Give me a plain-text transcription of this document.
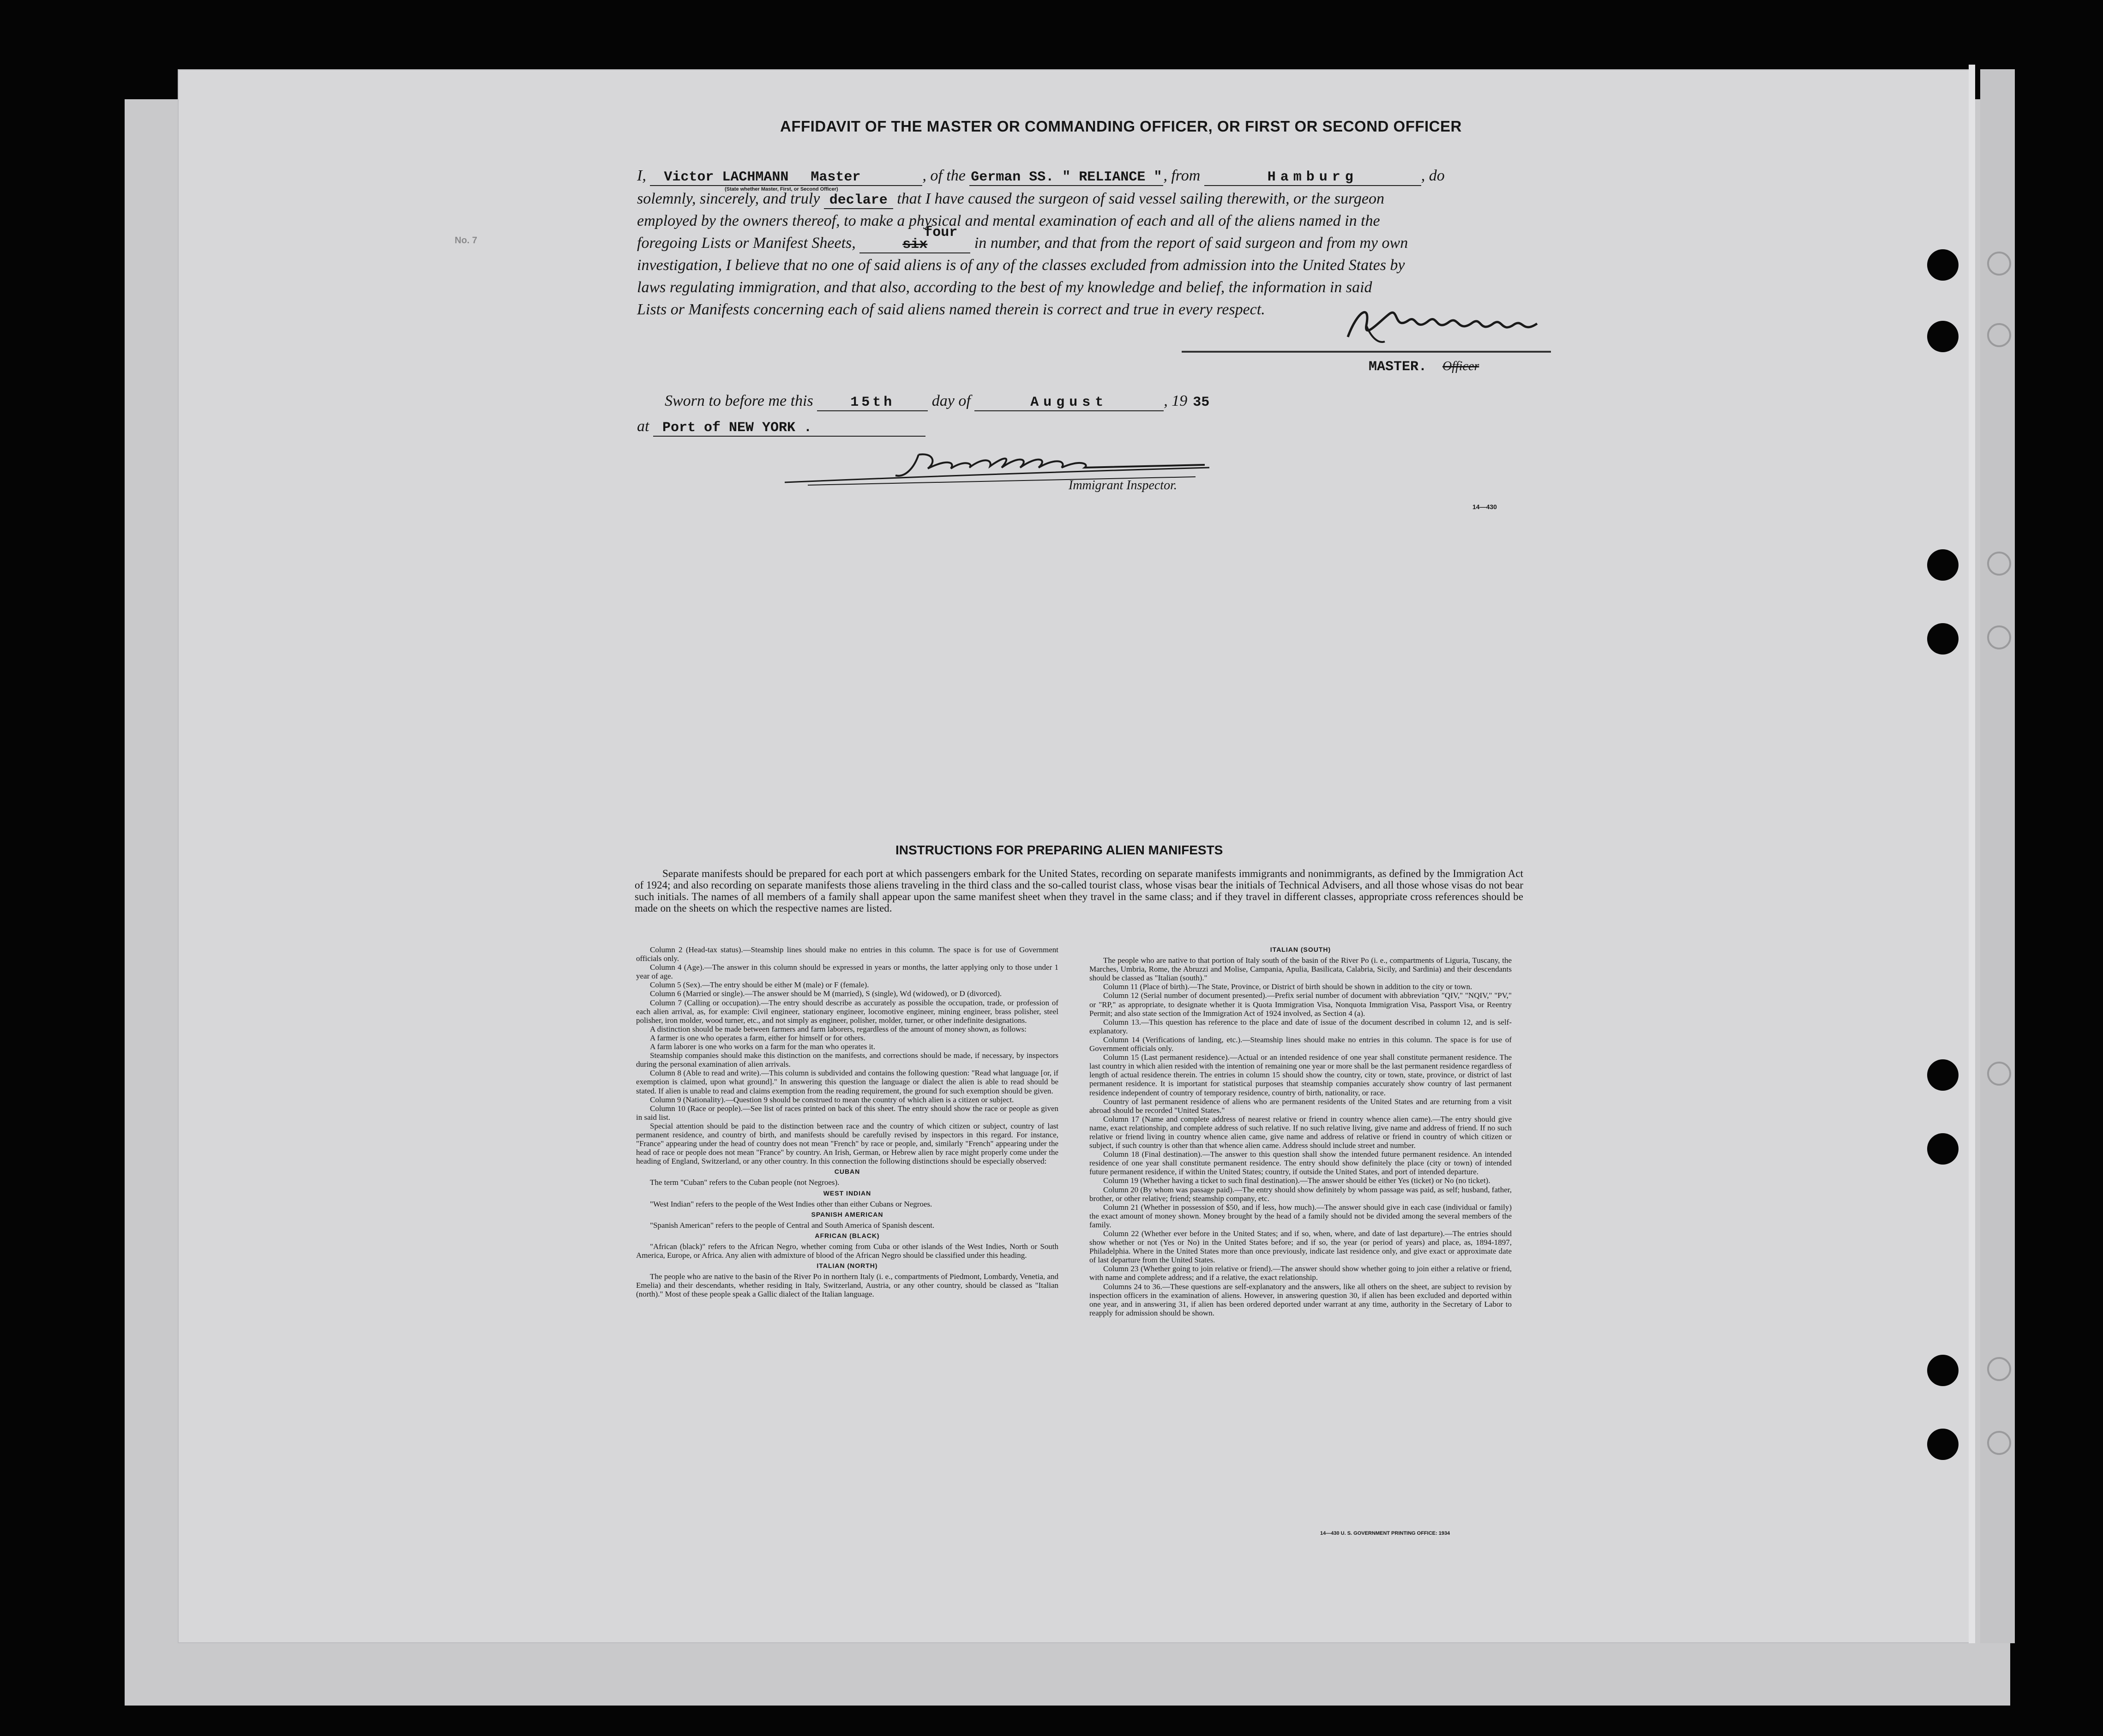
No. 7
AFFIDAVIT OF THE MASTER OR COMMANDING OFFICER, OR FIRST OR SECOND OFFICER
I, Victor LACHMANN Master	, of the German SS. " RELIANCE ", from	Hamburg	, do
(State whether Master, First, or Second Officer)
solemnly, sincerely, and truly declare that I have caused the surgeon of said vessel sailing therewith, or the surgeon
employed by the owners thereof, to make a physical and mental examination of each and all of the aliens named in the
foregoing Lists or Manifest Sheets,	six
four
in number, and that from the report of said surgeon and from my own
investigation, I believe that no one of said aliens is of any of the classes excluded from admission into the United States by
laws regulating immigration, and that also, according to the best of my knowledge and belief, the information in said
Lists or Manifests concerning each of said aliens named therein is correct and true in every respect.
MASTER. Officer
Sworn to before me this	15th day of	August	, 19 35
at Port of NEW YORK .
Immigrant Inspector.
14—430
INSTRUCTIONS FOR PREPARING ALIEN MANIFESTS
Separate manifests should be prepared for each port at which passengers embark for the United States, recording on separate manifests immigrants and nonimmigrants, as defined by the Immigration Act of 1924; and also recording on separate manifests those aliens traveling in the third class and the so-called tourist class, whose visas bear the initials of Technical Advisers, and all those whose visas do not bear such initials. The names of all members of a family shall appear upon the same manifest sheet when they travel in the same class; and if they travel in different classes, appropriate cross references should be made on the sheets on which the respective names are listed.

Column 2 (Head-tax status).—Steamship lines should make no entries in this column. The space is for use of Government officials only.

Column 4 (Age).—The answer in this column should be expressed in years or months, the latter applying only to those under 1 year of age.

Column 5 (Sex).—The entry should be either M (male) or F (female).

Column 6 (Married or single).—The answer should be M (married), S (single), Wd (widowed), or D (divorced).

Column 7 (Calling or occupation).—The entry should describe as accurately as possible the occupation, trade, or profession of each alien arrival, as, for example: Civil engineer, stationary engineer, locomotive engineer, mining engineer, brass polisher, steel polisher, iron molder, wood turner, etc., and not simply as engineer, polisher, molder, turner, or other indefinite designations.

A distinction should be made between farmers and farm laborers, regardless of the amount of money shown, as follows:

A farmer is one who operates a farm, either for himself or for others.

A farm laborer is one who works on a farm for the man who operates it.

Steamship companies should make this distinction on the manifests, and corrections should be made, if necessary, by inspectors during the personal examination of alien arrivals.

Column 8 (Able to read and write).—This column is subdivided and contains the following question: "Read what language [or, if exemption is claimed, upon what ground]." In answering this question the language or dialect the alien is able to read should be stated. If alien is unable to read and claims exemption from the reading requirement, the ground for such exemption should be given.

Column 9 (Nationality).—Question 9 should be construed to mean the country of which alien is a citizen or subject.

Column 10 (Race or people).—See list of races printed on back of this sheet. The entry should show the race or people as given in said list.

Special attention should be paid to the distinction between race and the country of which citizen or subject, country of last permanent residence, and country of birth, and manifests should be carefully revised by inspectors in this regard. For instance, "France" appearing under the head of country does not mean "French" by race or people, and, similarly "French" appearing under the head of race or people does not mean "France" by country. An Irish, German, or Hebrew alien by race might properly come under the heading of England, Switzerland, or any other country. In this connection the following distinctions should be especially observed:

CUBAN

The term "Cuban" refers to the Cuban people (not Negroes).

WEST INDIAN

"West Indian" refers to the people of the West Indies other than either Cubans or Negroes.

SPANISH AMERICAN

"Spanish American" refers to the people of Central and South America of Spanish descent.

AFRICAN (BLACK)

"African (black)" refers to the African Negro, whether coming from Cuba or other islands of the West Indies, North or South America, Europe, or Africa. Any alien with admixture of blood of the African Negro should be classified under this heading.

ITALIAN (NORTH)

The people who are native to the basin of the River Po in northern Italy (i. e., compartments of Piedmont, Lombardy, Venetia, and Emelia) and their descendants, whether residing in Italy, Switzerland, Austria, or any other country, should be classed as "Italian (north)." Most of these people speak a Gallic dialect of the Italian language.

ITALIAN (SOUTH)

The people who are native to that portion of Italy south of the basin of the River Po (i. e., compartments of Liguria, Tuscany, the Marches, Umbria, Rome, the Abruzzi and Molise, Campania, Apulia, Basilicata, Calabria, Sicily, and Sardinia) and their descendants should be classed as "Italian (south)."

Column 11 (Place of birth).—The State, Province, or District of birth should be shown in addition to the city or town.

Column 12 (Serial number of document presented).—Prefix serial number of document with abbreviation "QIV," "NQIV," "PV," or "RP," as appropriate, to designate whether it is Quota Immigration Visa, Nonquota Immigration Visa, Passport Visa, or Reentry Permit; and also state section of the Immigration Act of 1924 involved, as Section 4 (a).

Column 13.—This question has reference to the place and date of issue of the document described in column 12, and is self-explanatory.

Column 14 (Verifications of landing, etc.).—Steamship lines should make no entries in this column. The space is for use of Government officials only.

Column 15 (Last permanent residence).—Actual or an intended residence of one year shall constitute permanent residence. The last country in which alien resided with the intention of remaining one year or more shall be the last permanent residence regardless of length of actual residence therein. The entries in column 15 should show the country, city or town, state, province, or district of last permanent residence. It is important for statistical purposes that steamship companies accurately show country of last permanent residence independent of country of temporary residence, country of birth, nationality, or race.

Country of last permanent residence of aliens who are permanent residents of the United States and are returning from a visit abroad should be recorded "United States."

Column 17 (Name and complete address of nearest relative or friend in country whence alien came).—The entry should give name, exact relationship, and complete address of such relative. If no such relative living, give name and address of friend. If no such relative or friend living in country whence alien came, give name and address of relative or friend in country of which citizen or subject, if such country is other than that whence alien came. Address should include street and number.

Column 18 (Final destination).—The answer to this question shall show the intended future permanent residence. An intended residence of one year shall constitute permanent residence. The entry should show definitely the place (city or town) of intended future permanent residence, if within the United States; country, if outside the United States, and port of intended departure.

Column 19 (Whether having a ticket to such final destination).—The answer should be either Yes (ticket) or No (no ticket).

Column 20 (By whom was passage paid).—The entry should show definitely by whom passage was paid, as self; husband, father, brother, or other relative; friend; steamship company, etc.

Column 21 (Whether in possession of $50, and if less, how much).—The answer should give in each case (individual or family) the exact amount of money shown. Money brought by the head of a family should not be divided among the several members of the family.

Column 22 (Whether ever before in the United States; and if so, when, where, and date of last departure).—The entries should show whether or not (Yes or No) in the United States before; and if so, the year (or period of years) and place, as, 1894-1897, Philadelphia. Where in the United States more than once previously, indicate last residence only, and give exact or approximate date of last departure from the United States.

Column 23 (Whether going to join relative or friend).—The answer should show whether going to join either a relative or friend, with name and complete address; and if a relative, the exact relationship.

Columns 24 to 36.—These questions are self-explanatory and the answers, like all others on the sheet, are subject to revision by inspection officers in the examination of aliens. However, in answering question 30, if alien has been excluded and deported within one year, and in answering 31, if alien has been ordered deported under warrant at any time, authority in the Secretary of Labor to reapply for admission should be shown.

14—430 U. S. GOVERNMENT PRINTING OFFICE: 1934
